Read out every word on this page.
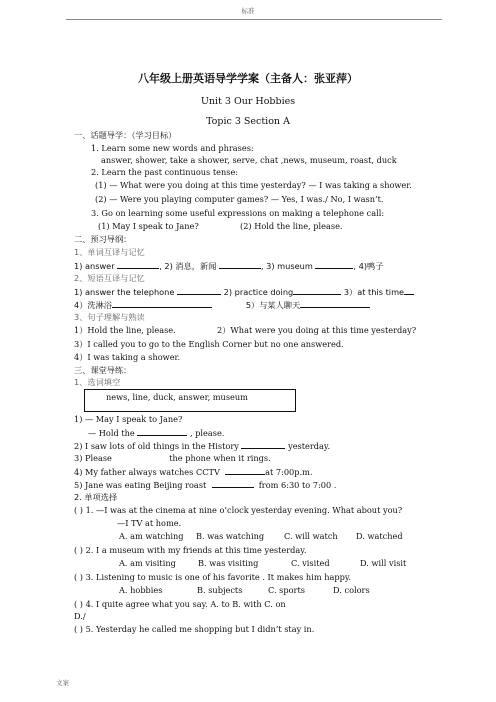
标准
八年级上册英语导学学案（主备人：张亚萍）
Unit 3 Our Hobbies
Topic 3 Section A
一、话题导学：（学习目标）
1. Learn some new words and phrases:
answer, shower, take a shower, serve, chat ,news, museum, roast, duck
2. Learn the past continuous tense:
(1) — What were you doing at this time yesterday? — I was taking a shower.
(2) — Were you playing computer games? — Yes, I was./ No, I wasn’t.
3. Go on learning some useful expressions on making a telephone call:
(1) May I speak to Jane?	(2) Hold the line, please.
二、预习导纲：
1、单词互译与记忆
1) answer	, 2) 消息，新闻	, 3) museum	, 4)鸭子
2、短语互译与记忆
1) answer the telephone	2) practice doing	3）at this time
4）洗淋浴	5）与某人聊天
3、句子理解与熟读
1）Hold the line, please.	2）What were you doing at this time yesterday?
3）I called you to go to the English Corner but no one answered.
4）I was taking a shower.
三、课堂导练：
1、选词填空
news, line, duck, answer, museum
1) — May I speak to Jane?
— Hold the	, please.
2) I saw lots of old things in the History	yesterday.
3) Please	the phone when it rings.
4) My father always watches CCTV	at 7:00p.m.
5) Jane was eating Beijing roast	from 6:30 to 7:00 .
2. 单项选择
( ) 1. —I was at the cinema at nine o’clock yesterday evening. What about you?
—I TV at home.
A. am watching B. was watching C. will watch D. watched
( ) 2. I a museum with my friends at this time yesterday.
A. am visiting	B. was visiting	C. visited	D. will visit
( ) 3. Listening to music is one of his favorite . It makes him happy.
A. hobbies	B. subjects	C. sports	D. colors
( ) 4. I quite agree what you say. A. to B. with C. on
D./
( ) 5. Yesterday he called me shopping but I didn’t stay in.
文案
